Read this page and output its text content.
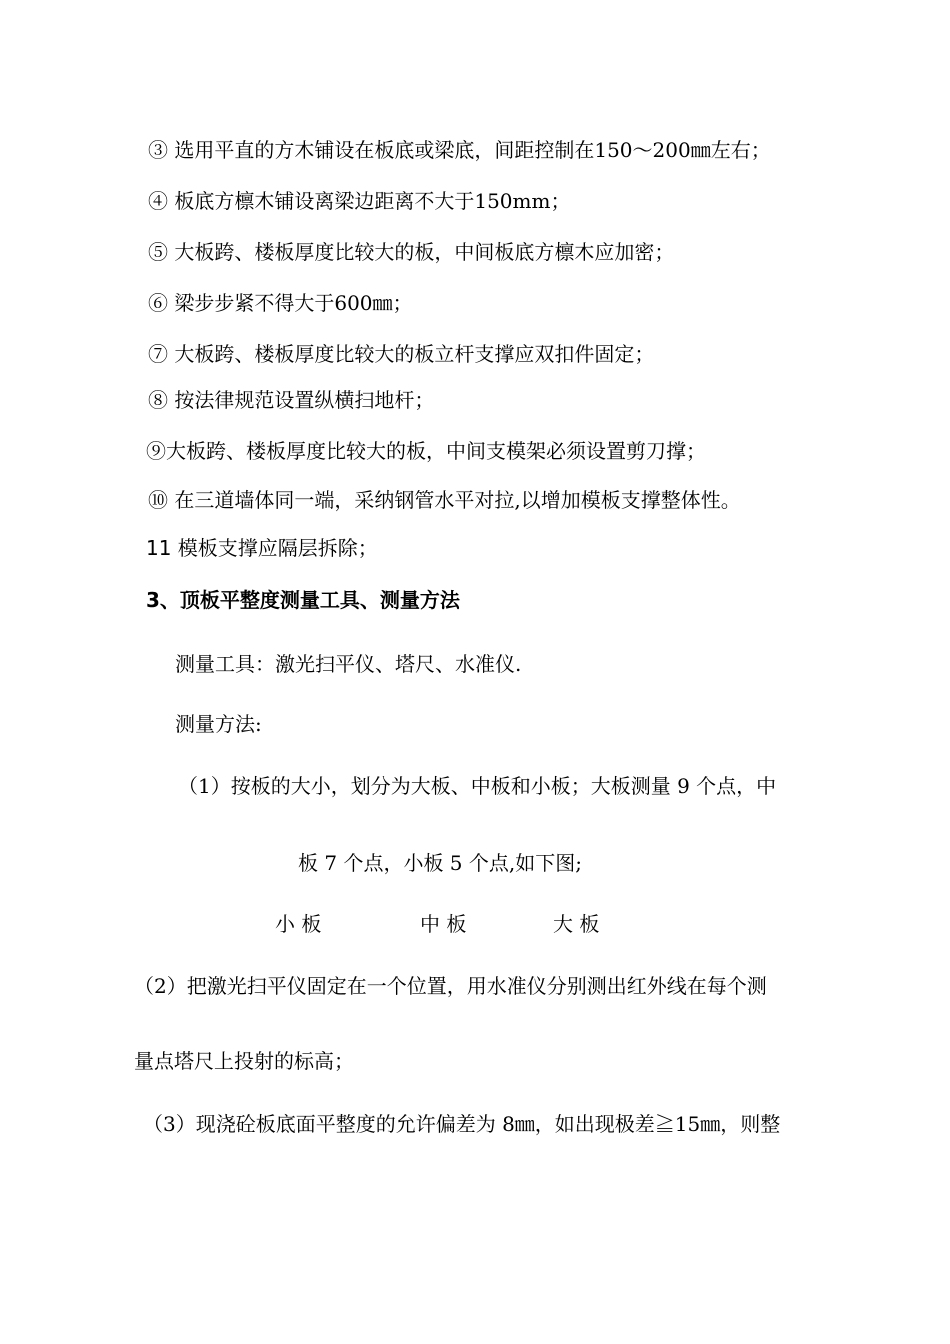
③ 选用平直的方木铺设在板底或梁底，间距控制在150～200㎜左右；
④ 板底方檩木铺设离梁边距离不大于150mm；
⑤ 大板跨、楼板厚度比较大的板，中间板底方檩木应加密；
⑥ 梁步步紧不得大于600㎜；
⑦ 大板跨、楼板厚度比较大的板立杆支撑应双扣件固定；
⑧ 按法律规范设置纵横扫地杆；
⑨大板跨、楼板厚度比较大的板，中间支模架必须设置剪刀撑；
⑩ 在三道墙体同一端，采纳钢管水平对拉,以增加模板支撑整体性。
11 模板支撑应隔层拆除；
3、顶板平整度测量工具、测量方法
测量工具：激光扫平仪、塔尺、水准仪.
测量方法:
（1）按板的大小，划分为大板、中板和小板；大板测量 9 个点，中
板 7 个点，小板 5 个点,如下图;
小 板	中 板	大 板
（2）把激光扫平仪固定在一个位置，用水准仪分别测出红外线在每个测
量点塔尺上投射的标高；
（3）现浇砼板底面平整度的允许偏差为 8㎜，如出现极差≧15㎜，则整
